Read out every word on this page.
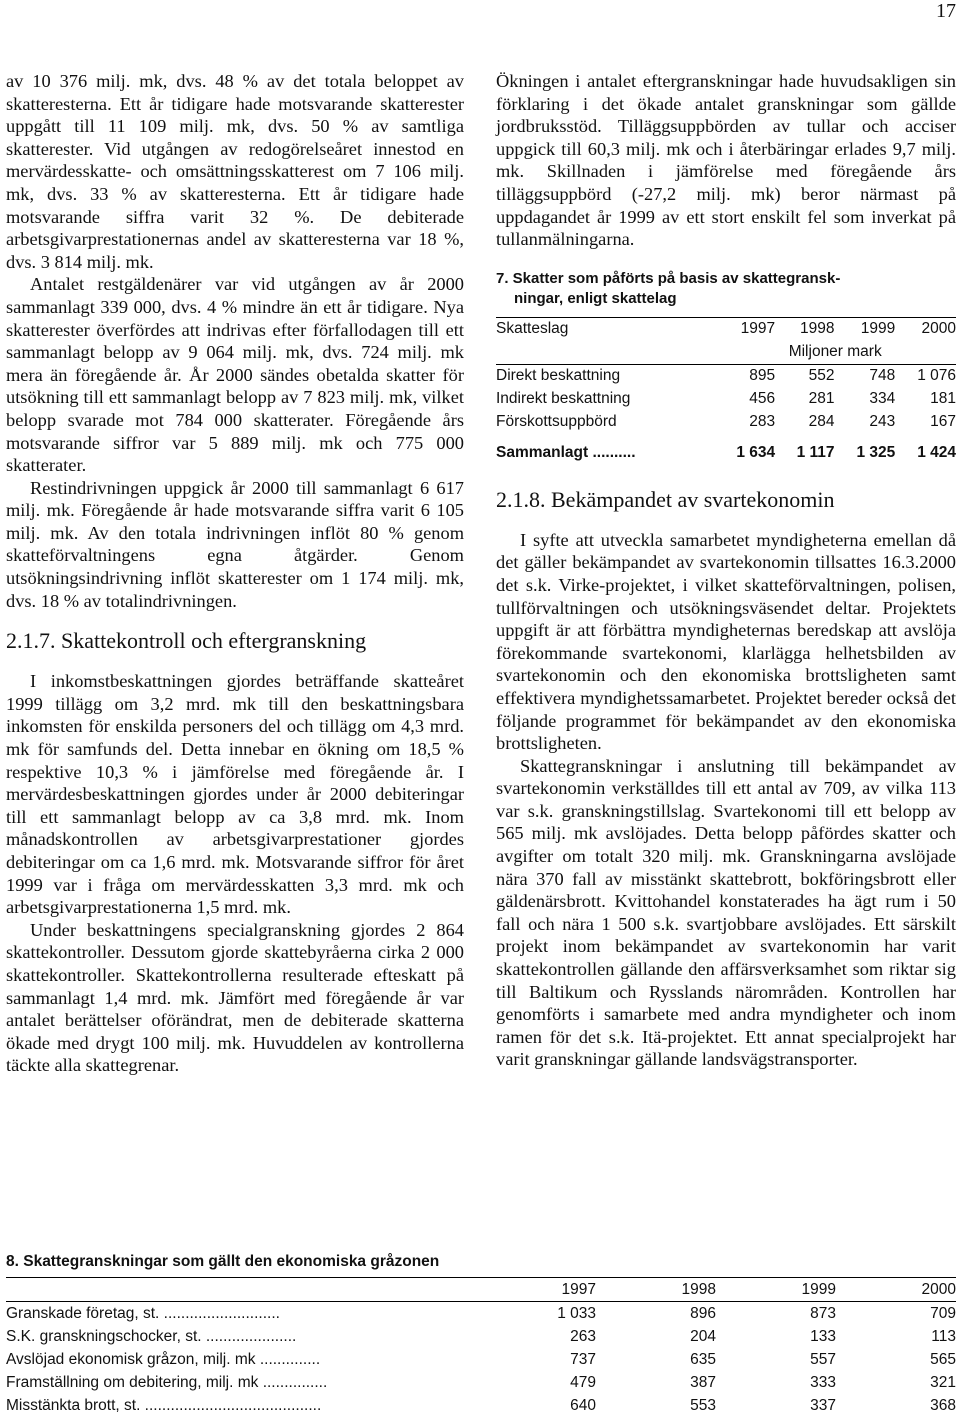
17

av 10 376 milj. mk, dvs. 48 % av det totala beloppet av skatteresterna. Ett år tidigare hade motsvarande skatterester uppgått till 11 109 milj. mk, dvs. 50 % av samtliga skatterester. Vid utgången av redogörelseåret innestod en mervärdesskatte- och omsättningsskatterest om 7 106 milj. mk, dvs. 33 % av skatteresterna. Ett år tidigare hade motsvarande siffra varit 32 %. De debiterade arbetsgivarprestationernas andel av skatteresterna var 18 %, dvs. 3 814 milj. mk.

Antalet restgäldenärer var vid utgången av år 2000 sammanlagt 339 000, dvs. 4 % mindre än ett år tidigare. Nya skatterester överfördes att indrivas efter förfallodagen till ett sammanlagt belopp av 9 064 milj. mk, dvs. 724 milj. mk mera än föregående år. År 2000 sändes obetalda skatter för utsökning till ett sammanlagt belopp av 7 823 milj. mk, vilket belopp svarade mot 784 000 skatterater. Föregående års motsvarande siffror var 5 889 milj. mk och 775 000 skatterater.

Restindrivningen uppgick år 2000 till sammanlagt 6 617 milj. mk. Föregående år hade motsvarande siffra varit 6 105 milj. mk. Av den totala indrivningen inflöt 80 % genom skatteförvaltningens egna åtgärder. Genom utsökningsindrivning inflöt skatterester om 1 174 milj. mk, dvs. 18 % av totalindrivningen.

2.1.7. Skattekontroll och eftergranskning

I inkomstbeskattningen gjordes beträffande skatteåret 1999 tillägg om 3,2 mrd. mk till den beskattningsbara inkomsten för enskilda personers del och tillägg om 4,3 mrd. mk för samfunds del. Detta innebar en ökning om 18,5 % respektive 10,3 % i jämförelse med föregående år. I mervärdesbeskattningen gjordes under år 2000 debiteringar till ett sammanlagt belopp av ca 3,8 mrd. mk. Inom månadskontrollen av arbetsgivarprestationer gjordes debiteringar om ca 1,6 mrd. mk. Motsvarande siffror för året 1999 var i fråga om mervärdesskatten 3,3 mrd. mk och arbetsgivarprestationerna 1,5 mrd. mk.

Under beskattningens specialgranskning gjordes 2 864 skattekontroller. Dessutom gjorde skattebyråerna cirka 2 000 skattekontroller. Skattekontrollerna resulterade efteskatt på sammanlagt 1,4 mrd. mk. Jämfört med föregående år var antalet berättelser oförändrat, men de debiterade skatterna ökade med drygt 100 milj. mk. Huvuddelen av kontrollerna täckte alla skattegrenar.

Ökningen i antalet eftergranskningar hade huvudsakligen sin förklaring i det ökade antalet granskningar som gällde jordbruksstöd. Tilläggsuppbörden av tullar och acciser uppgick till 60,3 milj. mk och i återbäringar erlades 9,7 milj. mk. Skillnaden i jämförelse med föregående års tilläggsuppbörd (-27,2 milj. mk) beror närmast på uppdagandet år 1999 av ett stort enskilt fel som inverkat på tullanmälningarna.

7. Skatter som påförts på basis av skattegransk-
ningar, enligt skattelag
Skatteslag	1997	1998	1999	2000
	Miljoner mark			
Direkt beskattning	895	552	748	1 076
Indirekt beskattning	456	281	334	181
Förskottsuppbörd	283	284	243	167
Sammanlagt ..........	1 634	1 117	1 325	1 424
2.1.8. Bekämpandet av svartekonomin

I syfte att utveckla samarbetet myndigheterna emellan då det gäller bekämpandet av svartekonomin tillsattes 16.3.2000 det s.k. Virke-projektet, i vilket skatteförvaltningen, polisen, tullförvaltningen och utsökningsväsendet deltar. Projektets uppgift är att förbättra myndigheternas beredskap att avslöja förekommande svartekonomi, klarlägga helhetsbilden av svartekonomin och den ekonomiska brottsligheten samt effektivera myndighetssamarbetet. Projektet bereder också det följande programmet för bekämpandet av den ekonomiska brottsligheten.

Skattegranskningar i anslutning till bekämpandet av svartekonomin verkställdes till ett antal av 709, av vilka 113 var s.k. granskningstillslag. Svartekonomi till ett belopp av 565 milj. mk avslöjades. Detta belopp påfördes skatter och avgifter om totalt 320 milj. mk. Granskningarna avslöjade nära 370 fall av misstänkt skattebrott, bokföringsbrott eller gäldenärsbrott. Kvittohandel konstaterades ha ägt rum i 50 fall och nära 1 500 s.k. svartjobbare avslöjades. Ett särskilt projekt inom bekämpandet av svartekonomin har varit skattekontrollen gällande den affärsverksamhet som riktar sig till Baltikum och Rysslands närområden. Kontrollen har genomförts i samarbete med andra myndigheter och inom ramen för det s.k. Itä-projektet. Ett annat specialprojekt har varit granskningar gällande landsvägstransporter.

8. Skattegranskningar som gällt den ekonomiska gråzonen
	1997	1998	1999	2000
Granskade företag, st. ...........................	1 033	896	873	709
S.K. granskningschocker, st. .....................	263	204	133	113
Avslöjad ekonomisk gråzon, milj. mk ..............	737	635	557	565
Framställning om debitering, milj. mk ...............	479	387	333	321
Misstänkta brott, st. .........................................	640	553	337	368
